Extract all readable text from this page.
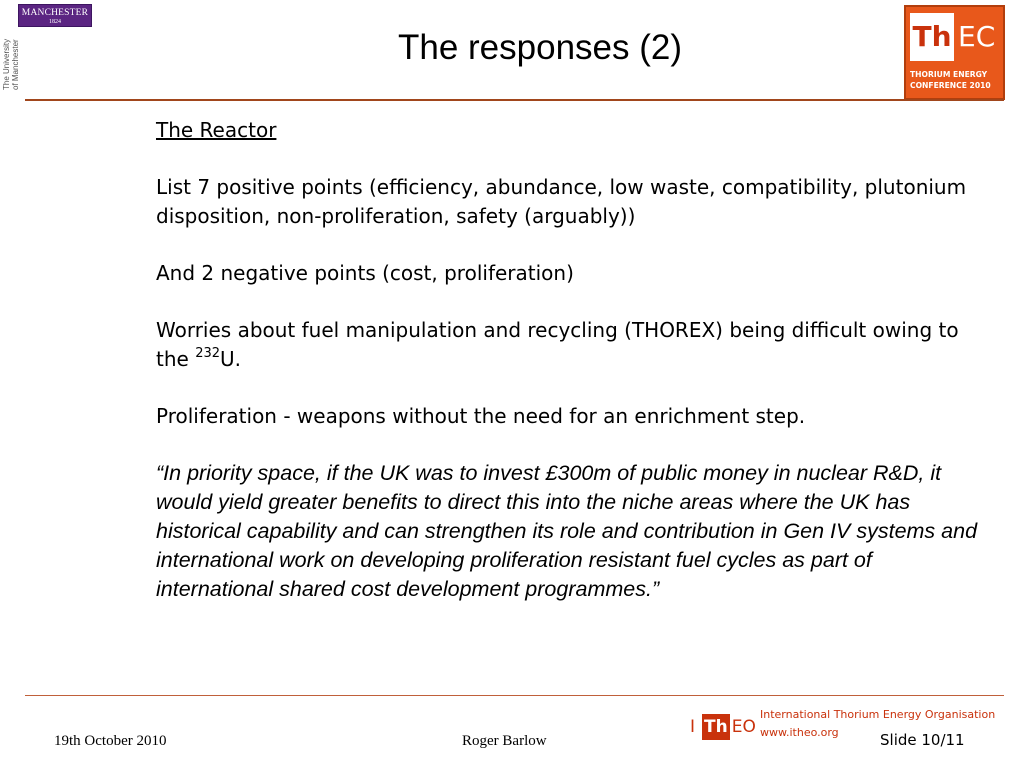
MANCHESTER
1824
The University of Manchester	The responses (2)	Th EC
THORIUM ENERGY
CONFERENCE 2010

The Reactor

List 7 positive points (efficiency, abundance, low waste, compatibility, plutonium disposition, non-proliferation, safety (arguably))

And 2 negative points (cost, proliferation)

Worries about fuel manipulation and recycling (THOREX) being difficult owing to the $^{232}$U.

Proliferation - weapons without the need for an enrichment step.

“In priority space, if the UK was to invest £300m of public money in nuclear R&D, it would yield greater benefits to direct this into the niche areas where the UK has historical capability and can strengthen its role and contribution in Gen IV systems and international work on developing proliferation resistant fuel cycles as part of international shared cost development programmes.”

19th October 2010	Roger Barlow
I Th EO
International Thorium Energy Organisation
www.itheo.org	Slide 10/11
